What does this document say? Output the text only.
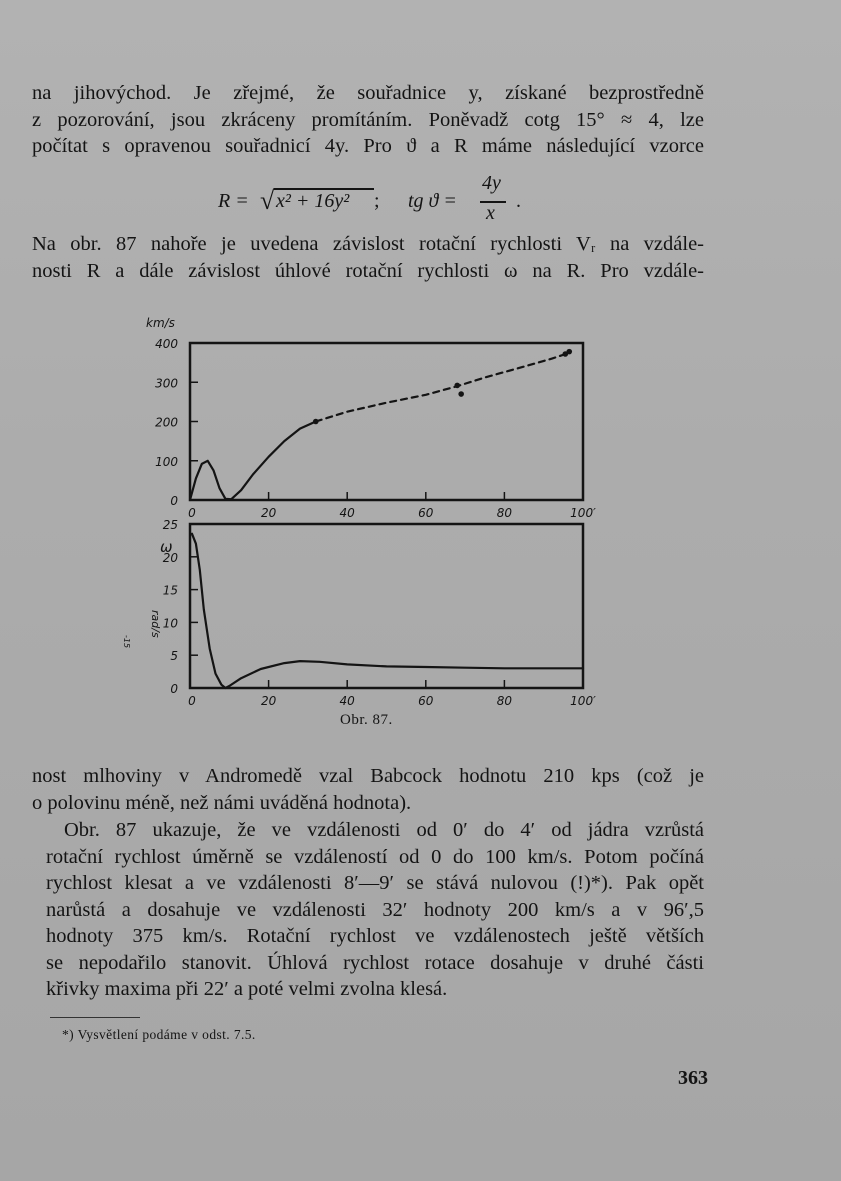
na jihovýchod. Je zřejmé, že souřadnice y, získané bezprostředně
z pozorování, jsou zkráceny promítáním. Poněvadž cotg 15° ≈ 4, lze
počítat s opravenou souřadnicí 4y. Pro ϑ a R máme následující vzorce
R = √ x² + 16y² ; tg ϑ =
4y
x
.
Na obr. 87 nahoře je uvedena závislost rotační rychlosti Vᵣ na vzdále-
nosti R a dále závislost úhlové rotační rychlosti ω na R. Pro vzdále-
km/s
0
100
200
300
400
0	20	40	60	80	100′
ω
rad/s
-15
0
5
10
15
20
25
0	20	40	60	80	100′
Obr. 87.
nost mlhoviny v Andromedě vzal Babcock hodnotu 210 kps (což je
o polovinu méně, než námi uváděná hodnota).
Obr. 87 ukazuje, že ve vzdálenosti od 0′ do 4′ od jádra vzrůstá
rotační rychlost úměrně se vzdáleností od 0 do 100 km/s. Potom počíná
rychlost klesat a ve vzdálenosti 8′—9′ se stává nulovou (!)*). Pak opět
narůstá a dosahuje ve vzdálenosti 32′ hodnoty 200 km/s a v 96′,5
hodnoty 375 km/s. Rotační rychlost ve vzdálenostech ještě větších
se nepodařilo stanovit. Úhlová rychlost rotace dosahuje v druhé části
křivky maxima při 22′ a poté velmi zvolna klesá.
*) Vysvětlení podáme v odst. 7.5.
363
